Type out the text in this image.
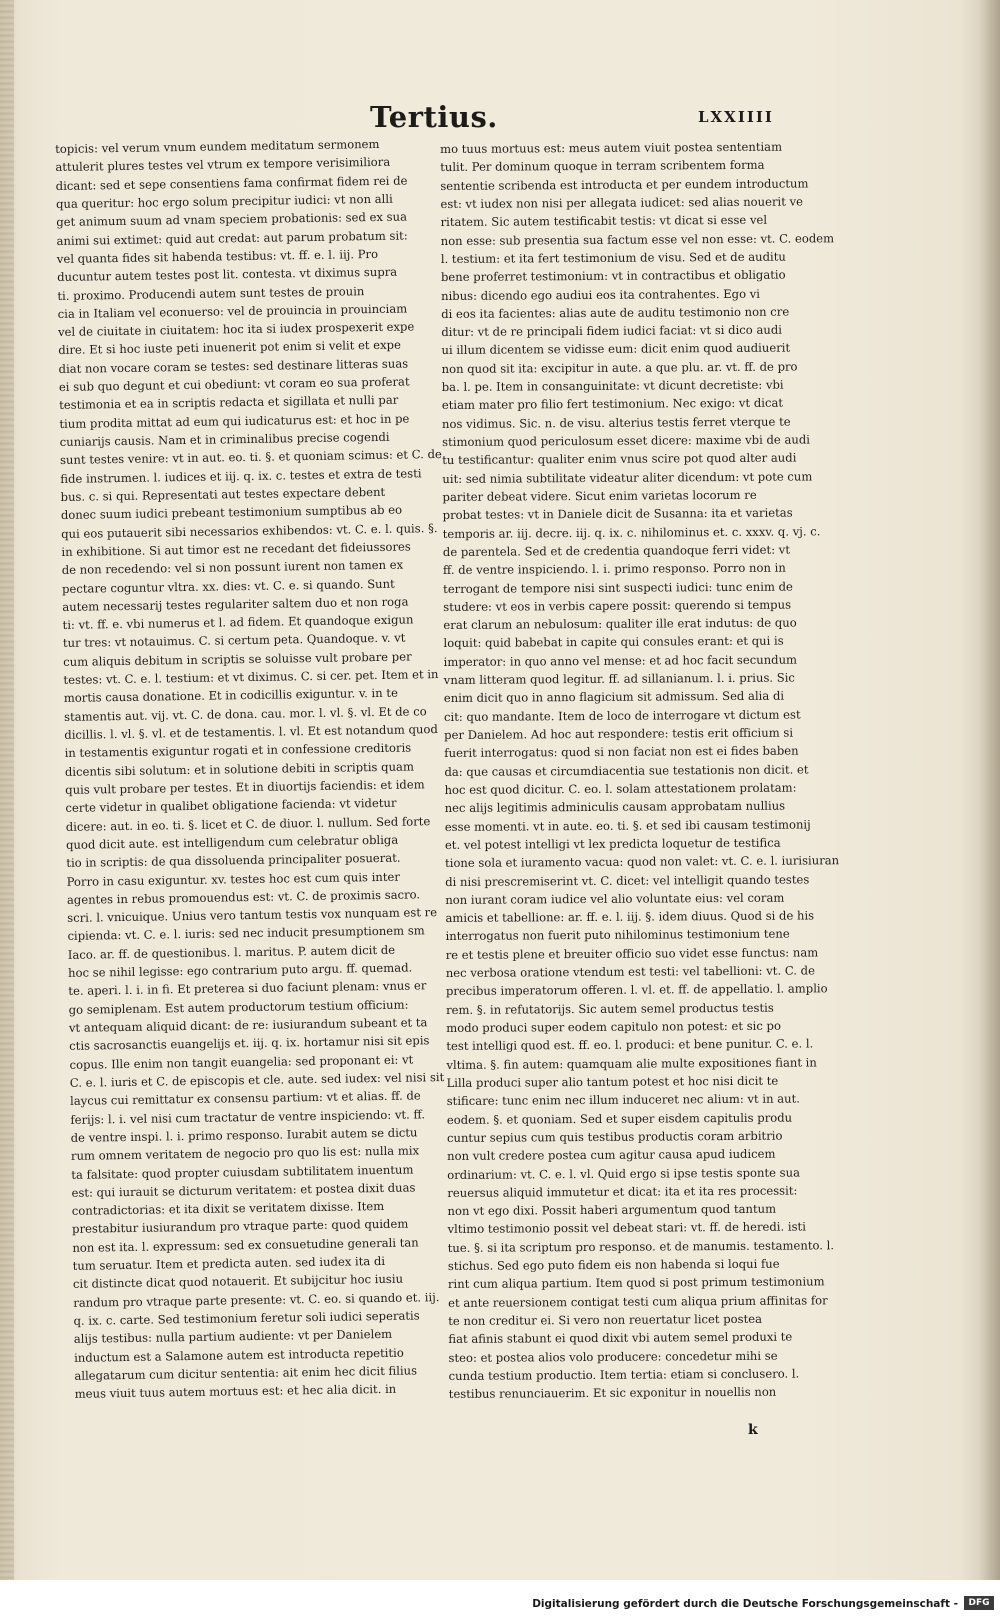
Tertius.	LXXIIII
topicis: vel verum vnum eundem meditatum sermonem
attulerit plures testes vel vtrum ex tempore verisimiliora
dicant: sed et sepe consentiens fama confirmat fidem rei de
qua queritur: hoc ergo solum precipitur iudici: vt non alli
get animum suum ad vnam speciem probationis: sed ex sua
animi sui extimet: quid aut credat: aut parum probatum sit:
vel quanta fides sit habenda testibus: vt. ff. e. l. iij. Pro
ducuntur autem testes post lit. contesta. vt diximus supra
ti. proximo. Producendi autem sunt testes de prouin
cia in Italiam vel econuerso: vel de prouincia in prouinciam
vel de ciuitate in ciuitatem: hoc ita si iudex prospexerit expe
dire. Et si hoc iuste peti inuenerit pot enim si velit et expe
diat non vocare coram se testes: sed destinare litteras suas
ei sub quo degunt et cui obediunt: vt coram eo sua proferat
testimonia et ea in scriptis redacta et sigillata et nulli par
tium prodita mittat ad eum qui iudicaturus est: et hoc in pe
cuniarijs causis. Nam et in criminalibus precise cogendi
sunt testes venire: vt in aut. eo. ti. §. et quoniam scimus: et C. de
fide instrumen. l. iudices et iij. q. ix. c. testes et extra de testi
bus. c. si qui. Representati aut testes expectare debent
donec suum iudici prebeant testimonium sumptibus ab eo
qui eos putauerit sibi necessarios exhibendos: vt. C. e. l. quis. §.
in exhibitione. Si aut timor est ne recedant det fideiussores
de non recedendo: vel si non possunt iurent non tamen ex
pectare coguntur vltra. xx. dies: vt. C. e. si quando. Sunt
autem necessarij testes regulariter saltem duo et non roga
ti: vt. ff. e. vbi numerus et l. ad fidem. Et quandoque exigun
tur tres: vt notauimus. C. si certum peta. Quandoque. v. vt
cum aliquis debitum in scriptis se soluisse vult probare per
testes: vt. C. e. l. testium: et vt diximus. C. si cer. pet. Item et in
mortis causa donatione. Et in codicillis exiguntur. v. in te
stamentis aut. vij. vt. C. de dona. cau. mor. l. vl. §. vl. Et de co
dicillis. l. vl. §. vl. et de testamentis. l. vl. Et est notandum quod
in testamentis exiguntur rogati et in confessione creditoris
dicentis sibi solutum: et in solutione debiti in scriptis quam
quis vult probare per testes. Et in diuortijs faciendis: et idem
certe videtur in qualibet obligatione facienda: vt videtur
dicere: aut. in eo. ti. §. licet et C. de diuor. l. nullum. Sed forte
quod dicit aute. est intelligendum cum celebratur obliga
tio in scriptis: de qua dissoluenda principaliter posuerat.
Porro in casu exiguntur. xv. testes hoc est cum quis inter
agentes in rebus promouendus est: vt. C. de proximis sacro.
scri. l. vnicuique. Unius vero tantum testis vox nunquam est re
cipienda: vt. C. e. l. iuris: sed nec inducit presumptionem sm
Iaco. ar. ff. de questionibus. l. maritus. P. autem dicit de
hoc se nihil legisse: ego contrarium puto argu. ff. quemad.
te. aperi. l. i. in fi. Et preterea si duo faciunt plenam: vnus er
go semiplenam. Est autem productorum testium officium:
vt antequam aliquid dicant: de re: iusiurandum subeant et ta
ctis sacrosanctis euangelijs et. iij. q. ix. hortamur nisi sit epis
copus. Ille enim non tangit euangelia: sed proponant ei: vt
C. e. l. iuris et C. de episcopis et cle. aute. sed iudex: vel nisi sit
laycus cui remittatur ex consensu partium: vt et alias. ff. de
ferijs: l. i. vel nisi cum tractatur de ventre inspiciendo: vt. ff.
de ventre inspi. l. i. primo responso. Iurabit autem se dictu
rum omnem veritatem de negocio pro quo lis est: nulla mix
ta falsitate: quod propter cuiusdam subtilitatem inuentum
est: qui iurauit se dicturum veritatem: et postea dixit duas
contradictorias: et ita dixit se veritatem dixisse. Item
prestabitur iusiurandum pro vtraque parte: quod quidem
non est ita. l. expressum: sed ex consuetudine generali tan
tum seruatur. Item et predicta auten. sed iudex ita di
cit distincte dicat quod notauerit. Et subijcitur hoc iusiu
randum pro vtraque parte presente: vt. C. eo. si quando et. iij.
q. ix. c. carte. Sed testimonium feretur soli iudici seperatis
alijs testibus: nulla partium audiente: vt per Danielem
inductum est a Salamone autem est introducta repetitio
allegatarum cum dicitur sententia: ait enim hec dicit filius
meus viuit tuus autem mortuus est: et hec alia dicit. in
mo tuus mortuus est: meus autem viuit postea sententiam
tulit. Per dominum quoque in terram scribentem forma
sententie scribenda est introducta et per eundem introductum
est: vt iudex non nisi per allegata iudicet: sed alias nouerit ve
ritatem. Sic autem testificabit testis: vt dicat si esse vel
non esse: sub presentia sua factum esse vel non esse: vt. C. eodem
l. testium: et ita fert testimonium de visu. Sed et de auditu
bene proferret testimonium: vt in contractibus et obligatio
nibus: dicendo ego audiui eos ita contrahentes. Ego vi
di eos ita facientes: alias aute de auditu testimonio non cre
ditur: vt de re principali fidem iudici faciat: vt si dico audi
ui illum dicentem se vidisse eum: dicit enim quod audiuerit
non quod sit ita: excipitur in aute. a que plu. ar. vt. ff. de pro
ba. l. pe. Item in consanguinitate: vt dicunt decretiste: vbi
etiam mater pro filio fert testimonium. Nec exigo: vt dicat
nos vidimus. Sic. n. de visu. alterius testis ferret vterque te
stimonium quod periculosum esset dicere: maxime vbi de audi
tu testificantur: qualiter enim vnus scire pot quod alter audi
uit: sed nimia subtilitate videatur aliter dicendum: vt pote cum
pariter debeat videre. Sicut enim varietas locorum re
probat testes: vt in Daniele dicit de Susanna: ita et varietas
temporis ar. iij. decre. iij. q. ix. c. nihilominus et. c. xxxv. q. vj. c.
de parentela. Sed et de credentia quandoque ferri videt: vt
ff. de ventre inspiciendo. l. i. primo responso. Porro non in
terrogant de tempore nisi sint suspecti iudici: tunc enim de
studere: vt eos in verbis capere possit: querendo si tempus
erat clarum an nebulosum: qualiter ille erat indutus: de quo
loquit: quid babebat in capite qui consules erant: et qui is
imperator: in quo anno vel mense: et ad hoc facit secundum
vnam litteram quod legitur. ff. ad sillanianum. l. i. prius. Sic
enim dicit quo in anno flagicium sit admissum. Sed alia di
cit: quo mandante. Item de loco de interrogare vt dictum est
per Danielem. Ad hoc aut respondere: testis erit officium si
fuerit interrogatus: quod si non faciat non est ei fides baben
da: que causas et circumdiacentia sue testationis non dicit. et
hoc est quod dicitur. C. eo. l. solam attestationem prolatam:
nec alijs legitimis adminiculis causam approbatam nullius
esse momenti. vt in aute. eo. ti. §. et sed ibi causam testimonij
et. vel potest intelligi vt lex predicta loquetur de testifica
tione sola et iuramento vacua: quod non valet: vt. C. e. l. iurisiuran
di nisi prescremiserint vt. C. dicet: vel intelligit quando testes
non iurant coram iudice vel alio voluntate eius: vel coram
amicis et tabellione: ar. ff. e. l. iij. §. idem diuus. Quod si de his
interrogatus non fuerit puto nihilominus testimonium tene
re et testis plene et breuiter officio suo videt esse functus: nam
nec verbosa oratione vtendum est testi: vel tabellioni: vt. C. de
precibus imperatorum offeren. l. vl. et. ff. de appellatio. l. amplio
rem. §. in refutatorijs. Sic autem semel productus testis
modo produci super eodem capitulo non potest: et sic po
test intelligi quod est. ff. eo. l. produci: et bene punitur. C. e. l.
vltima. §. fin autem: quamquam alie multe expositiones fiant in
Lilla produci super alio tantum potest et hoc nisi dicit te
stificare: tunc enim nec illum induceret nec alium: vt in aut.
eodem. §. et quoniam. Sed et super eisdem capitulis produ
cuntur sepius cum quis testibus productis coram arbitrio
non vult credere postea cum agitur causa apud iudicem
ordinarium: vt. C. e. l. vl. Quid ergo si ipse testis sponte sua
reuersus aliquid immutetur et dicat: ita et ita res processit:
non vt ego dixi. Possit haberi argumentum quod tantum
vltimo testimonio possit vel debeat stari: vt. ff. de heredi. isti
tue. §. si ita scriptum pro responso. et de manumis. testamento. l.
stichus. Sed ego puto fidem eis non habenda si loqui fue
rint cum aliqua partium. Item quod si post primum testimonium
et ante reuersionem contigat testi cum aliqua prium affinitas for
te non creditur ei. Si vero non reuertatur licet postea
fiat afinis stabunt ei quod dixit vbi autem semel produxi te
steo: et postea alios volo producere: concedetur mihi se
cunda testium productio. Item tertia: etiam si conclusero. l.
testibus renunciauerim. Et sic exponitur in nouellis non
k
Digitalisierung gefördert durch die Deutsche Forschungsgemeinschaft -	DFG
